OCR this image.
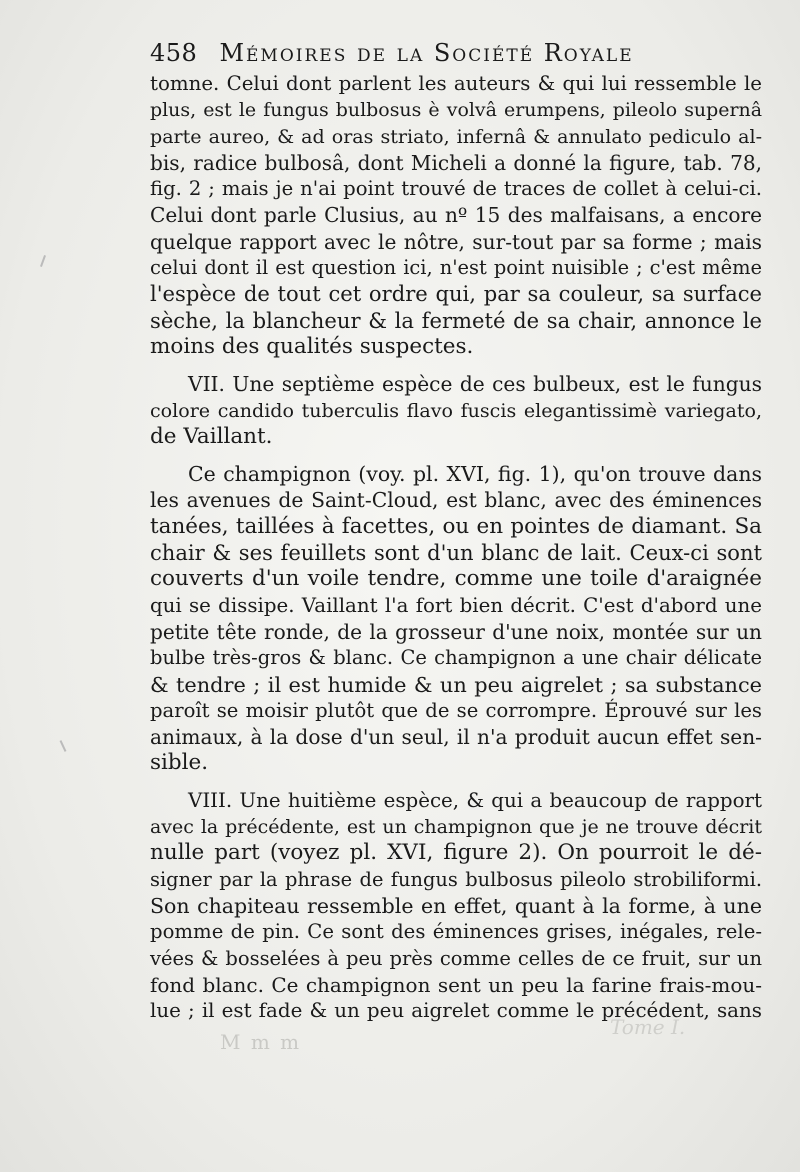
458 Mémoires de la Société Royale
tomne. Celui dont parlent les auteurs & qui lui ressemble le
plus, est le fungus bulbosus è volvâ erumpens, pileolo supernâ
parte aureo, & ad oras striato, infernâ & annulato pediculo al-
bis, radice bulbosâ, dont Micheli a donné la figure, tab. 78,
fig. 2 ; mais je n'ai point trouvé de traces de collet à celui-ci.
Celui dont parle Clusius, au nº 15 des malfaisans, a encore
quelque rapport avec le nôtre, sur-tout par sa forme ; mais
celui dont il est question ici, n'est point nuisible ; c'est même
l'espèce de tout cet ordre qui, par sa couleur, sa surface
sèche, la blancheur & la fermeté de sa chair, annonce le
moins des qualités suspectes.
VII. Une septième espèce de ces bulbeux, est le fungus
colore candido tuberculis flavo fuscis elegantissimè variegato,
de Vaillant.
Ce champignon (voy. pl. XVI, fig. 1), qu'on trouve dans
les avenues de Saint-Cloud, est blanc, avec des éminences
tanées, taillées à facettes, ou en pointes de diamant. Sa
chair & ses feuillets sont d'un blanc de lait. Ceux-ci sont
couverts d'un voile tendre, comme une toile d'araignée
qui se dissipe. Vaillant l'a fort bien décrit. C'est d'abord une
petite tête ronde, de la grosseur d'une noix, montée sur un
bulbe très-gros & blanc. Ce champignon a une chair délicate
& tendre ; il est humide & un peu aigrelet ; sa substance
paroît se moisir plutôt que de se corrompre. Éprouvé sur les
animaux, à la dose d'un seul, il n'a produit aucun effet sen-
sible.
VIII. Une huitième espèce, & qui a beaucoup de rapport
avec la précédente, est un champignon que je ne trouve décrit
nulle part (voyez pl. XVI, figure 2). On pourroit le dé-
signer par la phrase de fungus bulbosus pileolo strobiliformi.
Son chapiteau ressemble en effet, quant à la forme, à une
pomme de pin. Ce sont des éminences grises, inégales, rele-
vées & bosselées à peu près comme celles de ce fruit, sur un
fond blanc. Ce champignon sent un peu la farine frais-mou-
lue ; il est fade & un peu aigrelet comme le précédent, sans
M m m
Tome I.
